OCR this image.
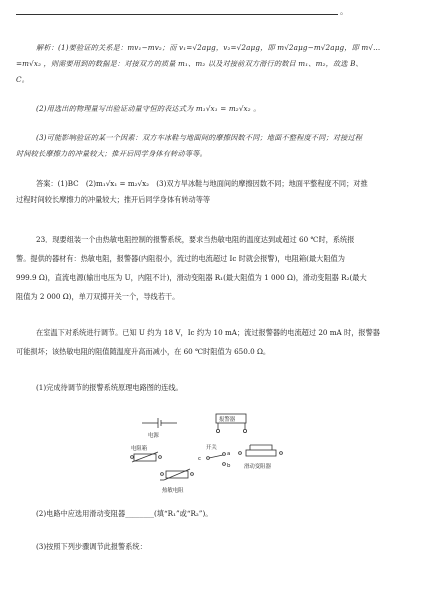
。
解析：(1)要验证的关系是：mv₁−mv₂；而 v₁=√2aμg，v₂=√2aμg，即 m√2aμg−m√2aμg，即 m√...
=m√x₂ ，则需要用到的数据是：对接双方的质量 m₁、m₂ 以及对接前双方滑行的数目 m₁、m₂，故选 B、
C。
(2)用选出的物理量写出验证动量守恒的表达式为 m₁√x₁ = m₂√x₂ 。
(3)可能影响验证的某一个因素：双方车冰鞋与地面间的摩擦因数不同；地面不整程度不同；对接过程
时间较长摩擦力的冲量较大；推开后同学身体有转动等等。
答案：(1)BC　(2)m₁√x₁ = m₂√x₂　(3)双方旱冰鞋与地面间的摩擦因数不同；地面平整程度不同；对推
过程时间较长摩擦力的冲量较大；推开后同学身体有转动等等
23．现要组装一个由热敏电阻控制的报警系统，要求当热敏电阻的温度达到或超过 60 ℃时，系统报
警。提供的器材有：热敏电阻，报警器(内阻很小，流过的电流超过 Ic 时就会报警)，电阻箱(最大阻值为
999.9 Ω)，直流电源(输出电压为 U，内阻不计)，滑动变阻器 R₁(最大阻值为 1 000 Ω)，滑动变阻器 R₂(最大
阻值为 2 000 Ω)，单刀双掷开关一个，导线若干。
在室温下对系统进行调节。已知 U 约为 18 V，Ic 约为 10 mA；流过报警器的电流超过 20 mA 时，报警器
可能损坏；该热敏电阻的阻值随温度升高而减小，在 60 ℃时阻值为 650.0 Ω。
(1)完成待调节的报警系统原理电路图的连线。
(2)电路中应选用滑动变阻器________(填“R₁”或“R₂”)。
(3)按照下列步骤调节此报警系统：
电源
报警器
电阻箱	开关
c
a
b	滑动变阻器
热敏电阻
